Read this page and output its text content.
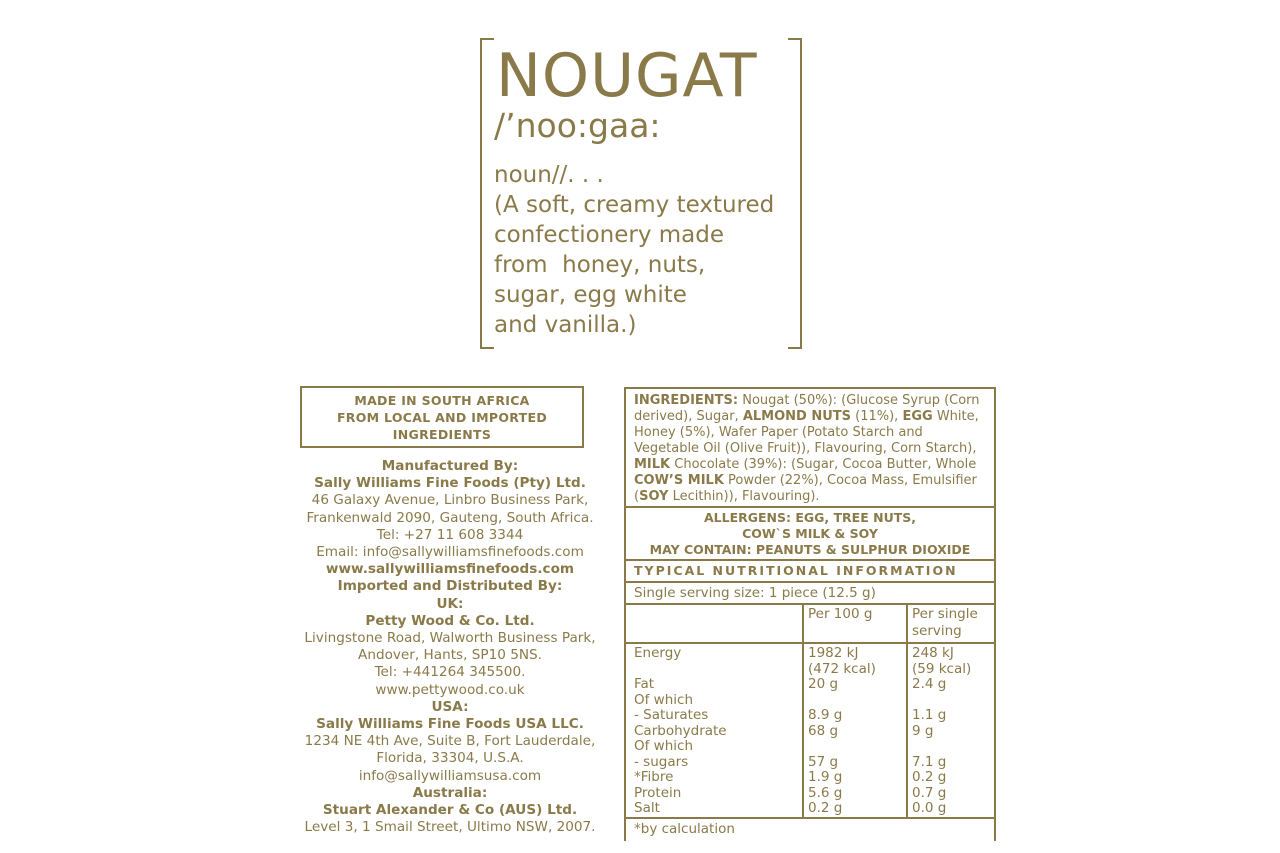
NOUGAT
/’noo:gaa:
noun//. . .
(A soft, creamy textured
confectionery made
from  honey, nuts,
sugar, egg white
and vanilla.)
MADE IN SOUTH AFRICA
FROM LOCAL AND IMPORTED
INGREDIENTS
Manufactured By:
Sally Williams Fine Foods (Pty) Ltd.
46 Galaxy Avenue, Linbro Business Park,
Frankenwald 2090, Gauteng, South Africa.
Tel: +27 11 608 3344
Email: info@sallywilliamsfinefoods.com
www.sallywilliamsfinefoods.com
Imported and Distributed By:
UK:
Petty Wood & Co. Ltd.
Livingstone Road, Walworth Business Park,
Andover, Hants, SP10 5NS.
Tel: +441264 345500.
www.pettywood.co.uk
USA:
Sally Williams Fine Foods USA LLC.
1234 NE 4th Ave, Suite B, Fort Lauderdale,
Florida, 33304, U.S.A.
info@sallywilliamsusa.com
Australia:
Stuart Alexander & Co (AUS) Ltd.
Level 3, 1 Smail Street, Ultimo NSW, 2007.
INGREDIENTS: Nougat (50%): (Glucose Syrup (Corn derived), Sugar, ALMOND NUTS (11%), EGG White, Honey (5%), Wafer Paper (Potato Starch and Vegetable Oil (Olive Fruit)), Flavouring, Corn Starch), MILK Chocolate (39%): (Sugar, Cocoa Butter, Whole COW’S MILK Powder (22%), Cocoa Mass, Emulsifier (SOY Lecithin)), Flavouring).
ALLERGENS: EGG, TREE NUTS,
COW`S MILK & SOY
MAY CONTAIN: PEANUTS & SULPHUR DIOXIDE
TYPICAL NUTRITIONAL INFORMATION
Single serving size: 1 piece (12.5 g)
Per 100 g	Per single
serving
Energy

Fat
Of which
- Saturates
Carbohydrate
Of which
- sugars
*Fibre
Protein
Salt
1982 kJ
(472 kcal)
20 g

8.9 g
68 g

57 g
1.9 g
5.6 g
0.2 g
248 kJ
(59 kcal)
2.4 g

1.1 g
9 g

7.1 g
0.2 g
0.7 g
0.0 g
*by calculation
